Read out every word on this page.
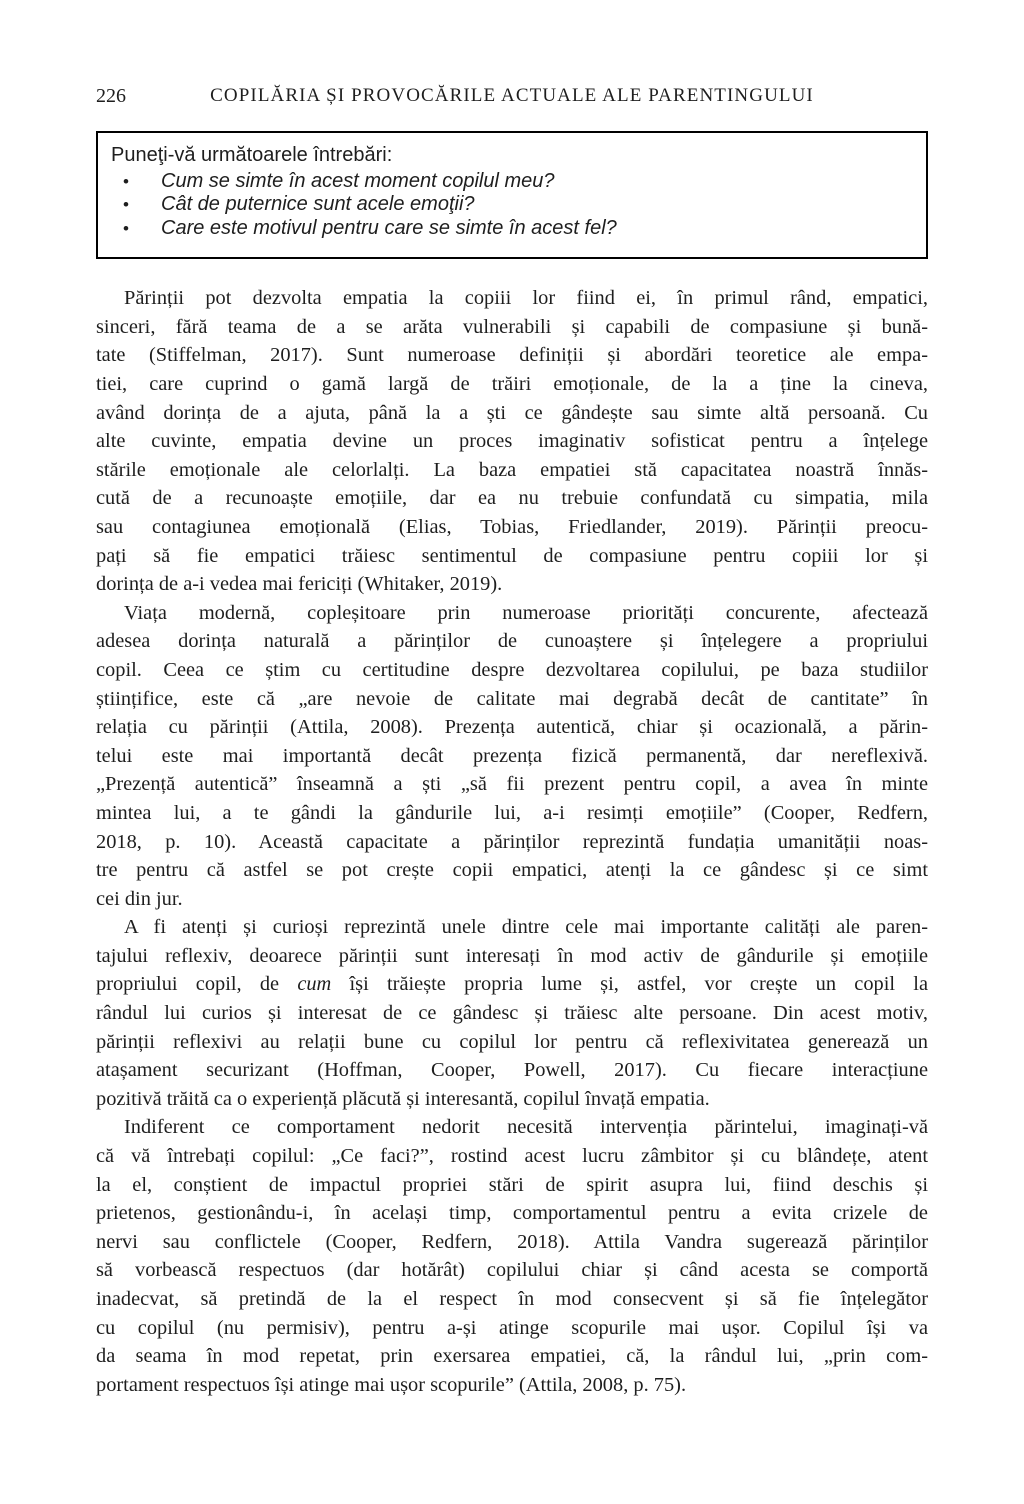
226	COPILĂRIA ȘI PROVOCĂRILE ACTUALE ALE PARENTINGULUI
Puneţi-vă următoarele întrebări:
•	Cum se simte în acest moment copilul meu?
•	Cât de puternice sunt acele emoţii?
•	Care este motivul pentru care se simte în acest fel?
Părinții pot dezvolta empatia la copiii lor fiind ei, în primul rând, empatici,
sinceri, fără teama de a se arăta vulnerabili și capabili de compasiune și bună-
tate (Stiffelman, 2017). Sunt numeroase definiții și abordări teoretice ale empa-
tiei, care cuprind o gamă largă de trăiri emoționale, de la a ține la cineva,
având dorința de a ajuta, până la a ști ce gândește sau simte altă persoană. Cu
alte cuvinte, empatia devine un proces imaginativ sofisticat pentru a înțelege
stările emoționale ale celorlalți. La baza empatiei stă capacitatea noastră înnăs-
cută de a recunoaște emoțiile, dar ea nu trebuie confundată cu simpatia, mila
sau contagiunea emoțională (Elias, Tobias, Friedlander, 2019). Părinții preocu-
pați să fie empatici trăiesc sentimentul de compasiune pentru copiii lor și
dorința de a-i vedea mai fericiți (Whitaker, 2019).
Viața modernă, copleșitoare prin numeroase priorități concurente, afectează
adesea dorința naturală a părinților de cunoaștere și înțelegere a propriului
copil. Ceea ce știm cu certitudine despre dezvoltarea copilului, pe baza studiilor
științifice, este că „are nevoie de calitate mai degrabă decât de cantitate” în
relația cu părinții (Attila, 2008). Prezența autentică, chiar și ocazională, a părin-
telui este mai importantă decât prezența fizică permanentă, dar nereflexivă.
„Prezență autentică” înseamnă a ști „să fii prezent pentru copil, a avea în minte
mintea lui, a te gândi la gândurile lui, a-i resimți emoțiile” (Cooper, Redfern,
2018, p. 10). Această capacitate a părinților reprezintă fundația umanității noas-
tre pentru că astfel se pot crește copii empatici, atenți la ce gândesc și ce simt
cei din jur.
A fi atenți și curioși reprezintă unele dintre cele mai importante calități ale paren-
tajului reflexiv, deoarece părinții sunt interesați în mod activ de gândurile și emoțiile
propriului copil, de cum își trăiește propria lume și, astfel, vor crește un copil la
rândul lui curios și interesat de ce gândesc și trăiesc alte persoane. Din acest motiv,
părinții reflexivi au relații bune cu copilul lor pentru că reflexivitatea generează un
atașament securizant (Hoffman, Cooper, Powell, 2017). Cu fiecare interacțiune
pozitivă trăită ca o experiență plăcută și interesantă, copilul învață empatia.
Indiferent ce comportament nedorit necesită intervenția părintelui, imaginați-vă
că vă întrebați copilul: „Ce faci?”, rostind acest lucru zâmbitor și cu blândețe, atent
la el, conștient de impactul propriei stări de spirit asupra lui, fiind deschis și
prietenos, gestionându-i, în același timp, comportamentul pentru a evita crizele de
nervi sau conflictele (Cooper, Redfern, 2018). Attila Vandra sugerează părinților
să vorbească respectuos (dar hotărât) copilului chiar și când acesta se comportă
inadecvat, să pretindă de la el respect în mod consecvent și să fie înțelegător
cu copilul (nu permisiv), pentru a-și atinge scopurile mai ușor. Copilul își va
da seama în mod repetat, prin exersarea empatiei, că, la rândul lui, „prin com-
portament respectuos își atinge mai ușor scopurile” (Attila, 2008, p. 75).
